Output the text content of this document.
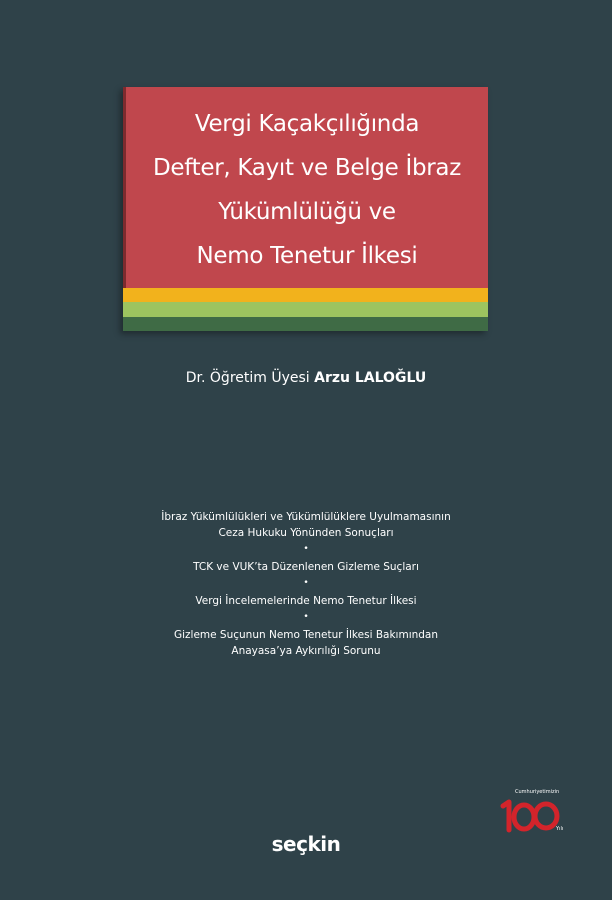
Vergi Kaçakçılığında
Defter, Kayıt ve Belge İbraz
Yükümlülüğü ve
Nemo Tenetur İlkesi
Dr. Öğretim Üyesi Arzu LALOĞLU
İbraz Yükümlülükleri ve Yükümlülüklere Uyulmamasının
Ceza Hukuku Yönünden Sonuçları
•
TCK ve VUK’ta Düzenlenen Gizleme Suçları
•
Vergi İncelemelerinde Nemo Tenetur İlkesi
•
Gizleme Suçunun Nemo Tenetur İlkesi Bakımından
Anayasa’ya Aykırılığı Sorunu
Cumhuriyetimizin
Yılı
seçkin
